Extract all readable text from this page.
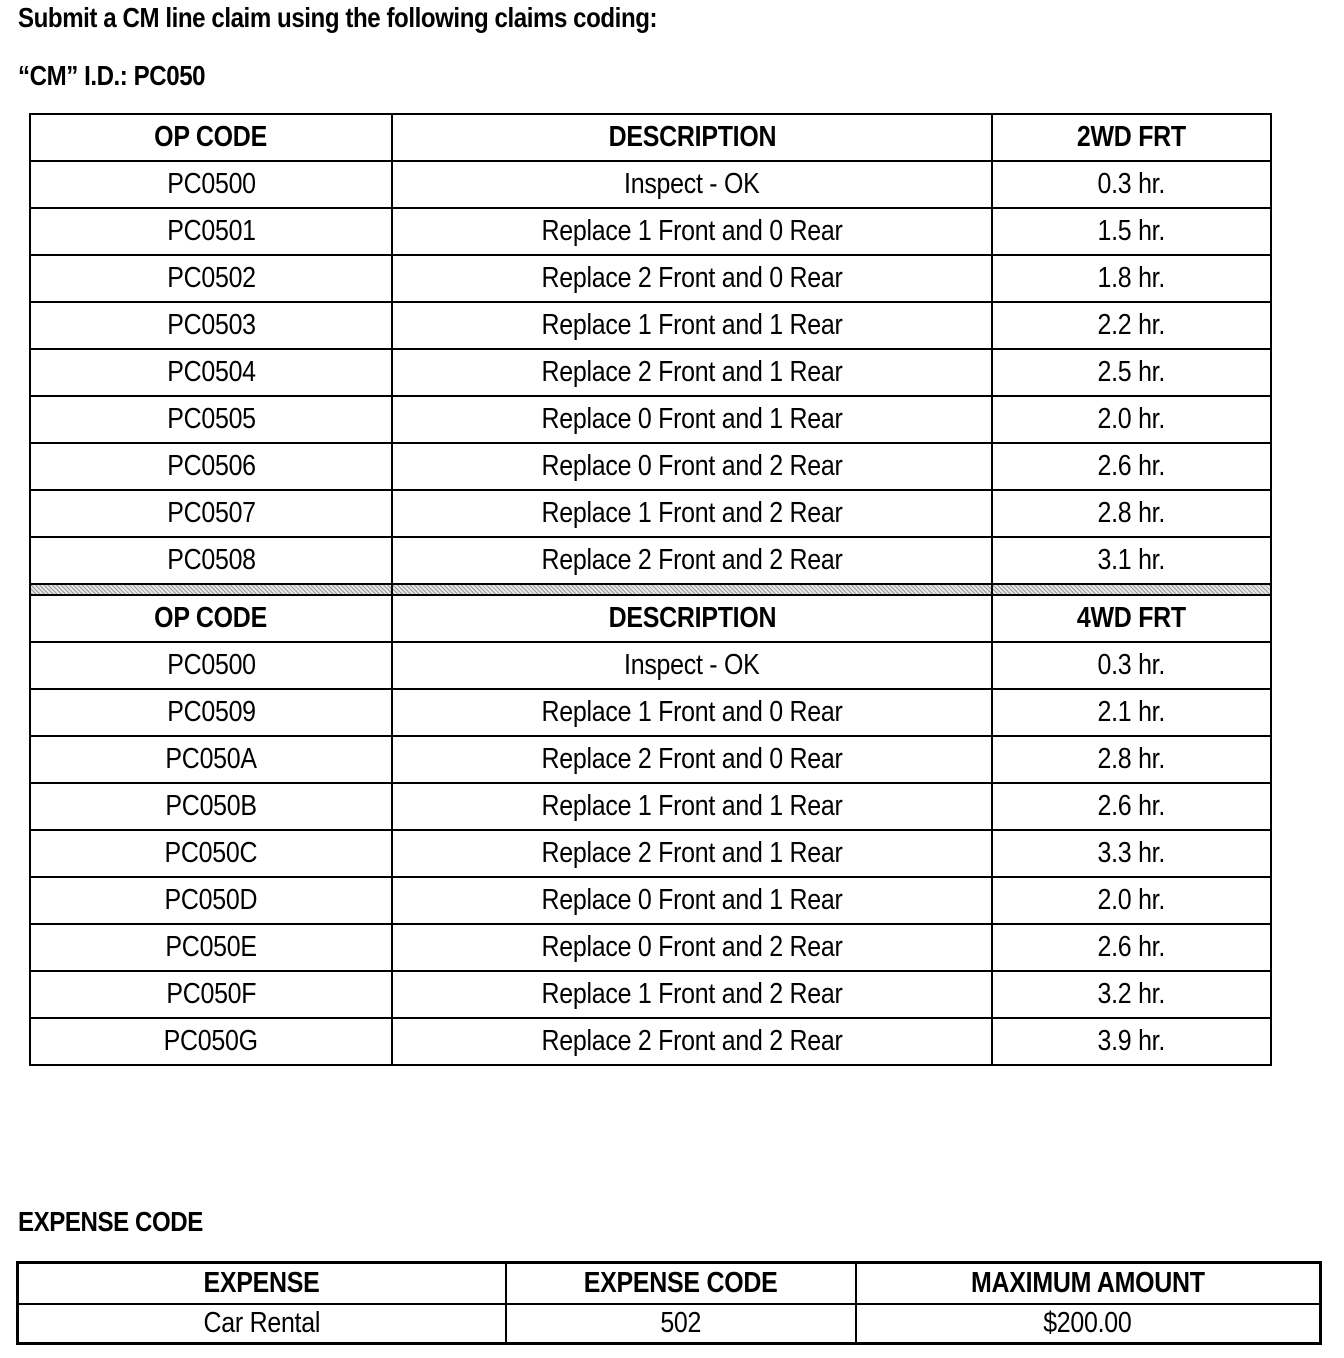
Submit a CM line claim using the following claims coding:
“CM” I.D.: PC050
OP CODE	DESCRIPTION	2WD FRT
PC0500	Inspect - OK	0.3 hr.
PC0501	Replace 1 Front and 0 Rear	1.5 hr.
PC0502	Replace 2 Front and 0 Rear	1.8 hr.
PC0503	Replace 1 Front and 1 Rear	2.2 hr.
PC0504	Replace 2 Front and 1 Rear	2.5 hr.
PC0505	Replace 0 Front and 1 Rear	2.0 hr.
PC0506	Replace 0 Front and 2 Rear	2.6 hr.
PC0507	Replace 1 Front and 2 Rear	2.8 hr.
PC0508	Replace 2 Front and 2 Rear	3.1 hr.

OP CODE	DESCRIPTION	4WD FRT
PC0500	Inspect - OK	0.3 hr.
PC0509	Replace 1 Front and 0 Rear	2.1 hr.
PC050A	Replace 2 Front and 0 Rear	2.8 hr.
PC050B	Replace 1 Front and 1 Rear	2.6 hr.
PC050C	Replace 2 Front and 1 Rear	3.3 hr.
PC050D	Replace 0 Front and 1 Rear	2.0 hr.
PC050E	Replace 0 Front and 2 Rear	2.6 hr.
PC050F	Replace 1 Front and 2 Rear	3.2 hr.
PC050G	Replace 2 Front and 2 Rear	3.9 hr.
EXPENSE CODE
EXPENSE	EXPENSE CODE	MAXIMUM AMOUNT
Car Rental	502	$200.00
